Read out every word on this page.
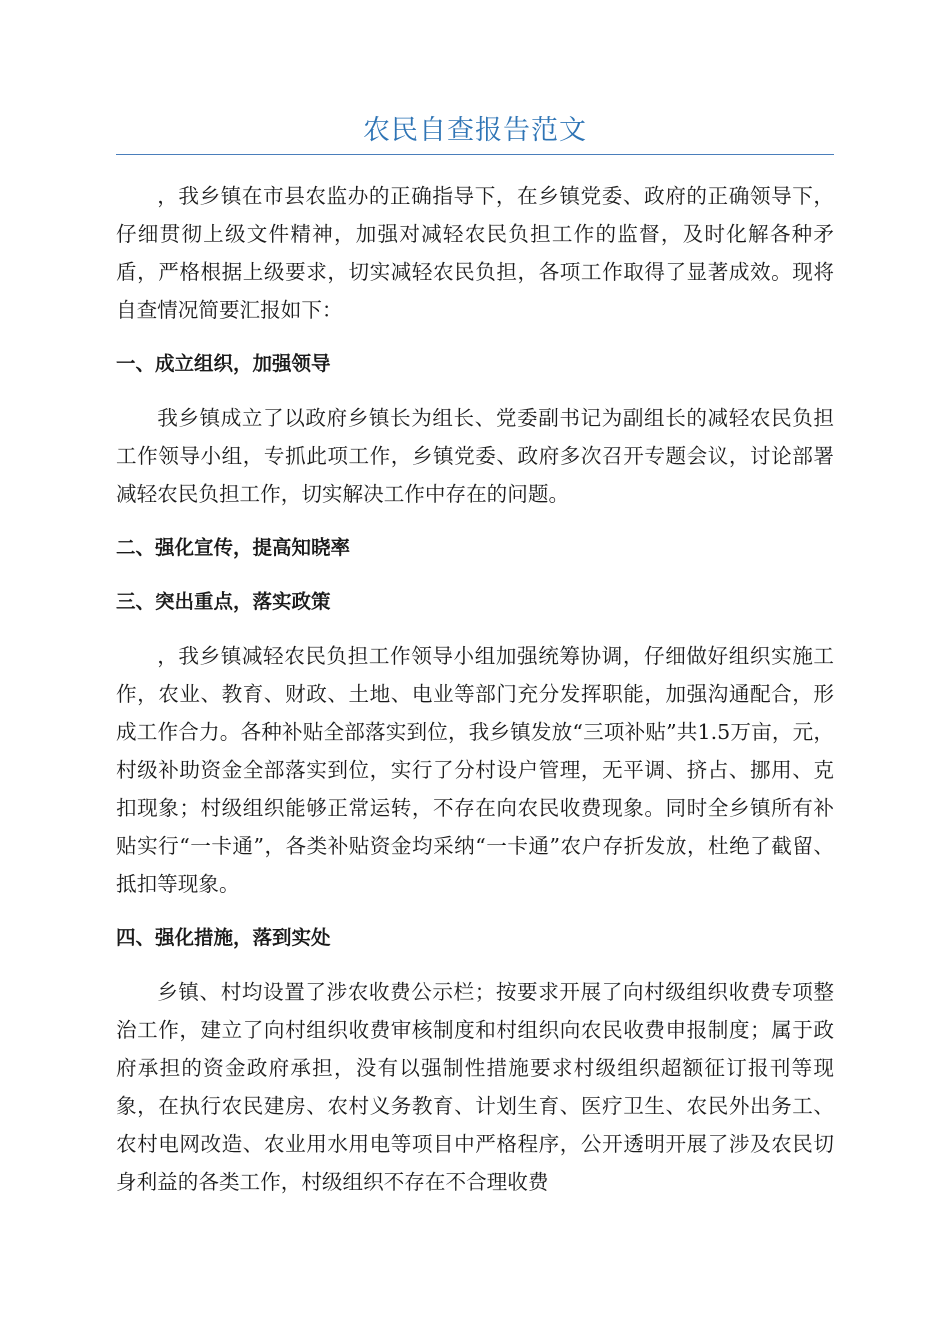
农民自查报告范文

，我乡镇在市县农监办的正确指导下，在乡镇党委、政府的正确领导下，仔细贯彻上级文件精神，加强对减轻农民负担工作的监督，及时化解各种矛盾，严格根据上级要求，切实减轻农民负担，各项工作取得了显著成效。现将自查情况简要汇报如下：

一、成立组织，加强领导

我乡镇成立了以政府乡镇长为组长、党委副书记为副组长的减轻农民负担工作领导小组，专抓此项工作，乡镇党委、政府多次召开专题会议，讨论部署减轻农民负担工作，切实解决工作中存在的问题。

二、强化宣传，提高知晓率
三、突出重点，落实政策

，我乡镇减轻农民负担工作领导小组加强统筹协调，仔细做好组织实施工作，农业、教育、财政、土地、电业等部门充分发挥职能，加强沟通配合，形成工作合力。各种补贴全部落实到位，我乡镇发放“三项补贴”共1.5万亩，元，村级补助资金全部落实到位，实行了分村设户管理，无平调、挤占、挪用、克扣现象；村级组织能够正常运转，不存在向农民收费现象。同时全乡镇所有补贴实行“一卡通”，各类补贴资金均采纳“一卡通”农户存折发放，杜绝了截留、抵扣等现象。

四、强化措施，落到实处

乡镇、村均设置了涉农收费公示栏；按要求开展了向村级组织收费专项整治工作，建立了向村组织收费审核制度和村组织向农民收费申报制度；属于政府承担的资金政府承担，没有以强制性措施要求村级组织超额征订报刊等现象，在执行农民建房、农村义务教育、计划生育、医疗卫生、农民外出务工、农村电网改造、农业用水用电等项目中严格程序，公开透明开展了涉及农民切身利益的各类工作，村级组织不存在不合理收费
